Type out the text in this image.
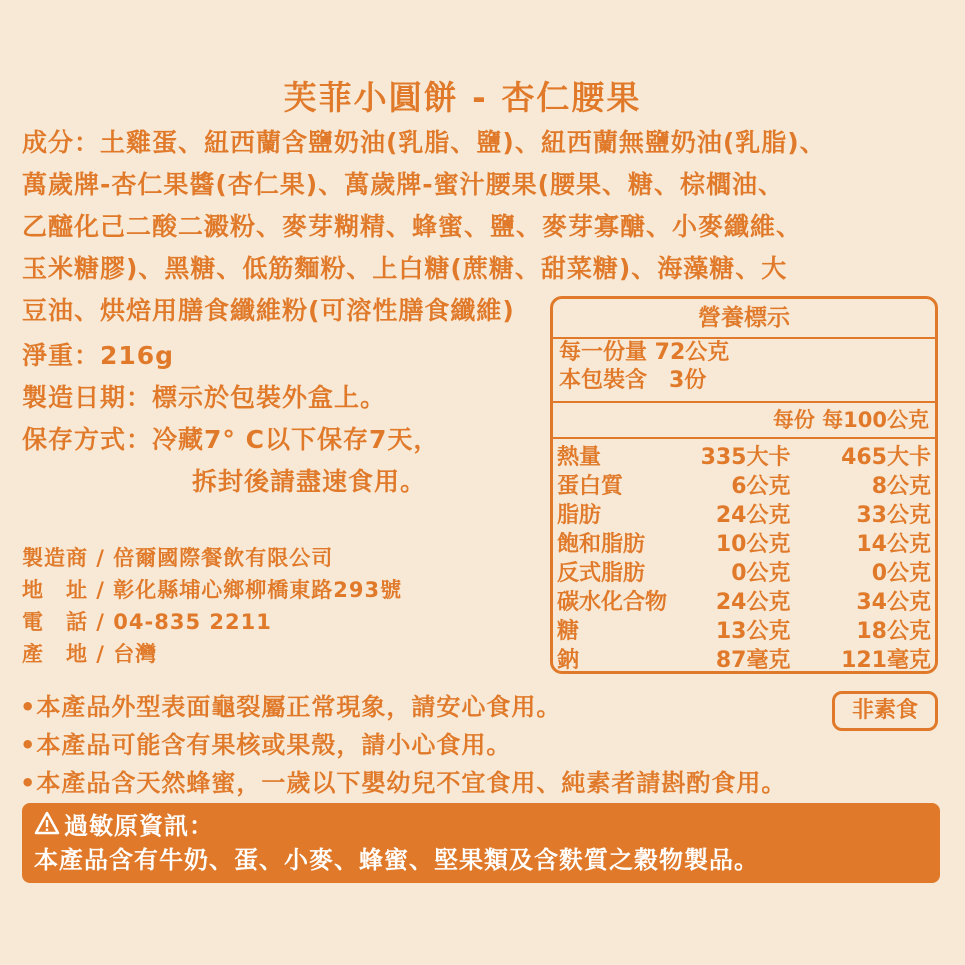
芙菲小圓餅 - 杏仁腰果
成分：土雞蛋、紐西蘭含鹽奶油(乳脂、鹽)、紐西蘭無鹽奶油(乳脂)、
萬歲牌-杏仁果醬(杏仁果)、萬歲牌-蜜汁腰果(腰果、糖、棕櫚油、
乙醯化己二酸二澱粉、麥芽糊精、蜂蜜、鹽、麥芽寡醣、小麥纖維、
玉米糖膠)、黑糖、低筋麵粉、上白糖(蔗糖、甜菜糖)、海藻糖、大
豆油、烘焙用膳食纖維粉(可溶性膳食纖維)
淨重：216g
製造日期：標示於包裝外盒上。
保存方式：冷藏7° C以下保存7天，
拆封後請盡速食用。
製造商 / 倍爾國際餐飲有限公司
地　址 / 彰化縣埔心鄉柳橋東路293號
電　話 / 04-835 2211
產　地 / 台灣
營養標示
每一份量 72公克
本包裝含　3份
每份 每100公克
熱量	335大卡	465大卡
蛋白質	6公克	8公克
脂肪	24公克	33公克
飽和脂肪	10公克	14公克
反式脂肪	0公克	0公克
碳水化合物	24公克	34公克
糖	13公克	18公克
鈉	87毫克	121毫克
•本產品外型表面龜裂屬正常現象，請安心食用。
•本產品可能含有果核或果殼，請小心食用。
•本產品含天然蜂蜜，一歲以下嬰幼兒不宜食用、純素者請斟酌食用。
非素食
過敏原資訊：
本產品含有牛奶、蛋、小麥、蜂蜜、堅果類及含麩質之穀物製品。
